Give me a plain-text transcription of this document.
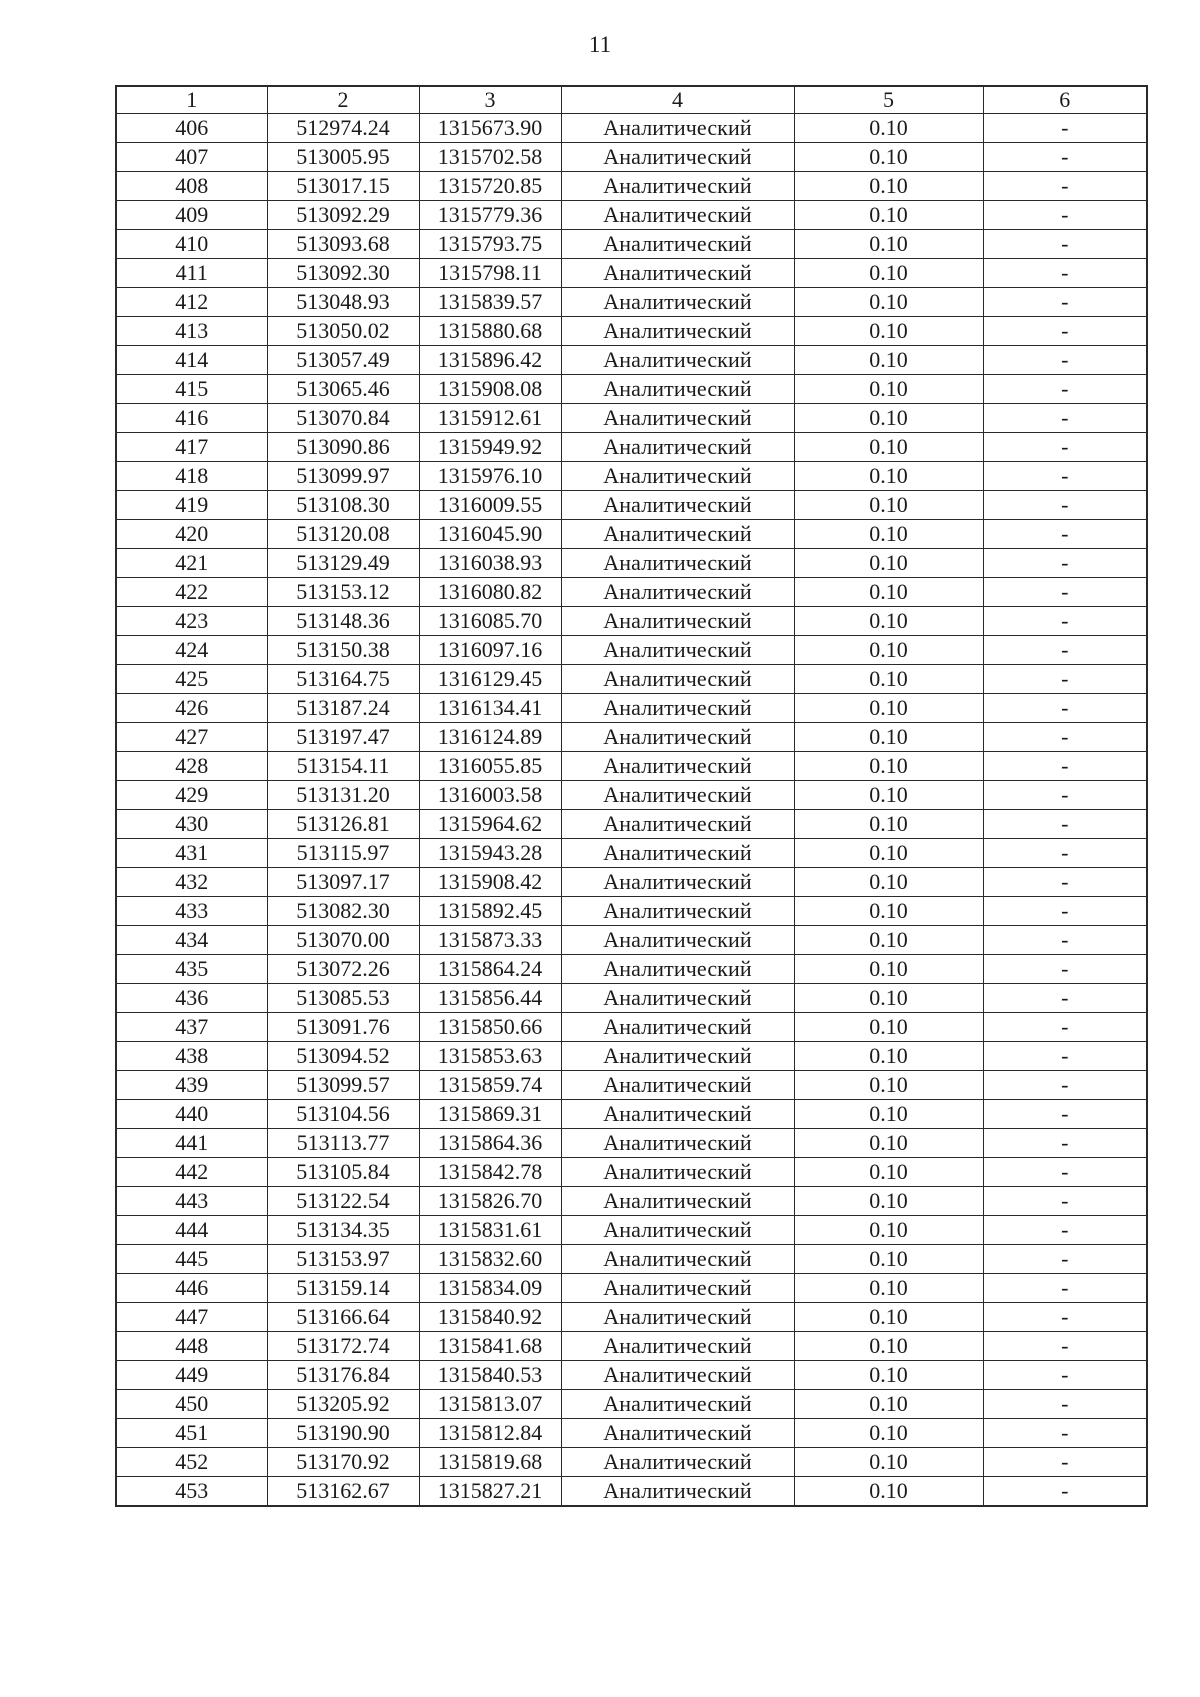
11
1	2	3	4	5	6
406	512974.24	1315673.90	Аналитический	0.10	-
407	513005.95	1315702.58	Аналитический	0.10	-
408	513017.15	1315720.85	Аналитический	0.10	-
409	513092.29	1315779.36	Аналитический	0.10	-
410	513093.68	1315793.75	Аналитический	0.10	-
411	513092.30	1315798.11	Аналитический	0.10	-
412	513048.93	1315839.57	Аналитический	0.10	-
413	513050.02	1315880.68	Аналитический	0.10	-
414	513057.49	1315896.42	Аналитический	0.10	-
415	513065.46	1315908.08	Аналитический	0.10	-
416	513070.84	1315912.61	Аналитический	0.10	-
417	513090.86	1315949.92	Аналитический	0.10	-
418	513099.97	1315976.10	Аналитический	0.10	-
419	513108.30	1316009.55	Аналитический	0.10	-
420	513120.08	1316045.90	Аналитический	0.10	-
421	513129.49	1316038.93	Аналитический	0.10	-
422	513153.12	1316080.82	Аналитический	0.10	-
423	513148.36	1316085.70	Аналитический	0.10	-
424	513150.38	1316097.16	Аналитический	0.10	-
425	513164.75	1316129.45	Аналитический	0.10	-
426	513187.24	1316134.41	Аналитический	0.10	-
427	513197.47	1316124.89	Аналитический	0.10	-
428	513154.11	1316055.85	Аналитический	0.10	-
429	513131.20	1316003.58	Аналитический	0.10	-
430	513126.81	1315964.62	Аналитический	0.10	-
431	513115.97	1315943.28	Аналитический	0.10	-
432	513097.17	1315908.42	Аналитический	0.10	-
433	513082.30	1315892.45	Аналитический	0.10	-
434	513070.00	1315873.33	Аналитический	0.10	-
435	513072.26	1315864.24	Аналитический	0.10	-
436	513085.53	1315856.44	Аналитический	0.10	-
437	513091.76	1315850.66	Аналитический	0.10	-
438	513094.52	1315853.63	Аналитический	0.10	-
439	513099.57	1315859.74	Аналитический	0.10	-
440	513104.56	1315869.31	Аналитический	0.10	-
441	513113.77	1315864.36	Аналитический	0.10	-
442	513105.84	1315842.78	Аналитический	0.10	-
443	513122.54	1315826.70	Аналитический	0.10	-
444	513134.35	1315831.61	Аналитический	0.10	-
445	513153.97	1315832.60	Аналитический	0.10	-
446	513159.14	1315834.09	Аналитический	0.10	-
447	513166.64	1315840.92	Аналитический	0.10	-
448	513172.74	1315841.68	Аналитический	0.10	-
449	513176.84	1315840.53	Аналитический	0.10	-
450	513205.92	1315813.07	Аналитический	0.10	-
451	513190.90	1315812.84	Аналитический	0.10	-
452	513170.92	1315819.68	Аналитический	0.10	-
453	513162.67	1315827.21	Аналитический	0.10	-
